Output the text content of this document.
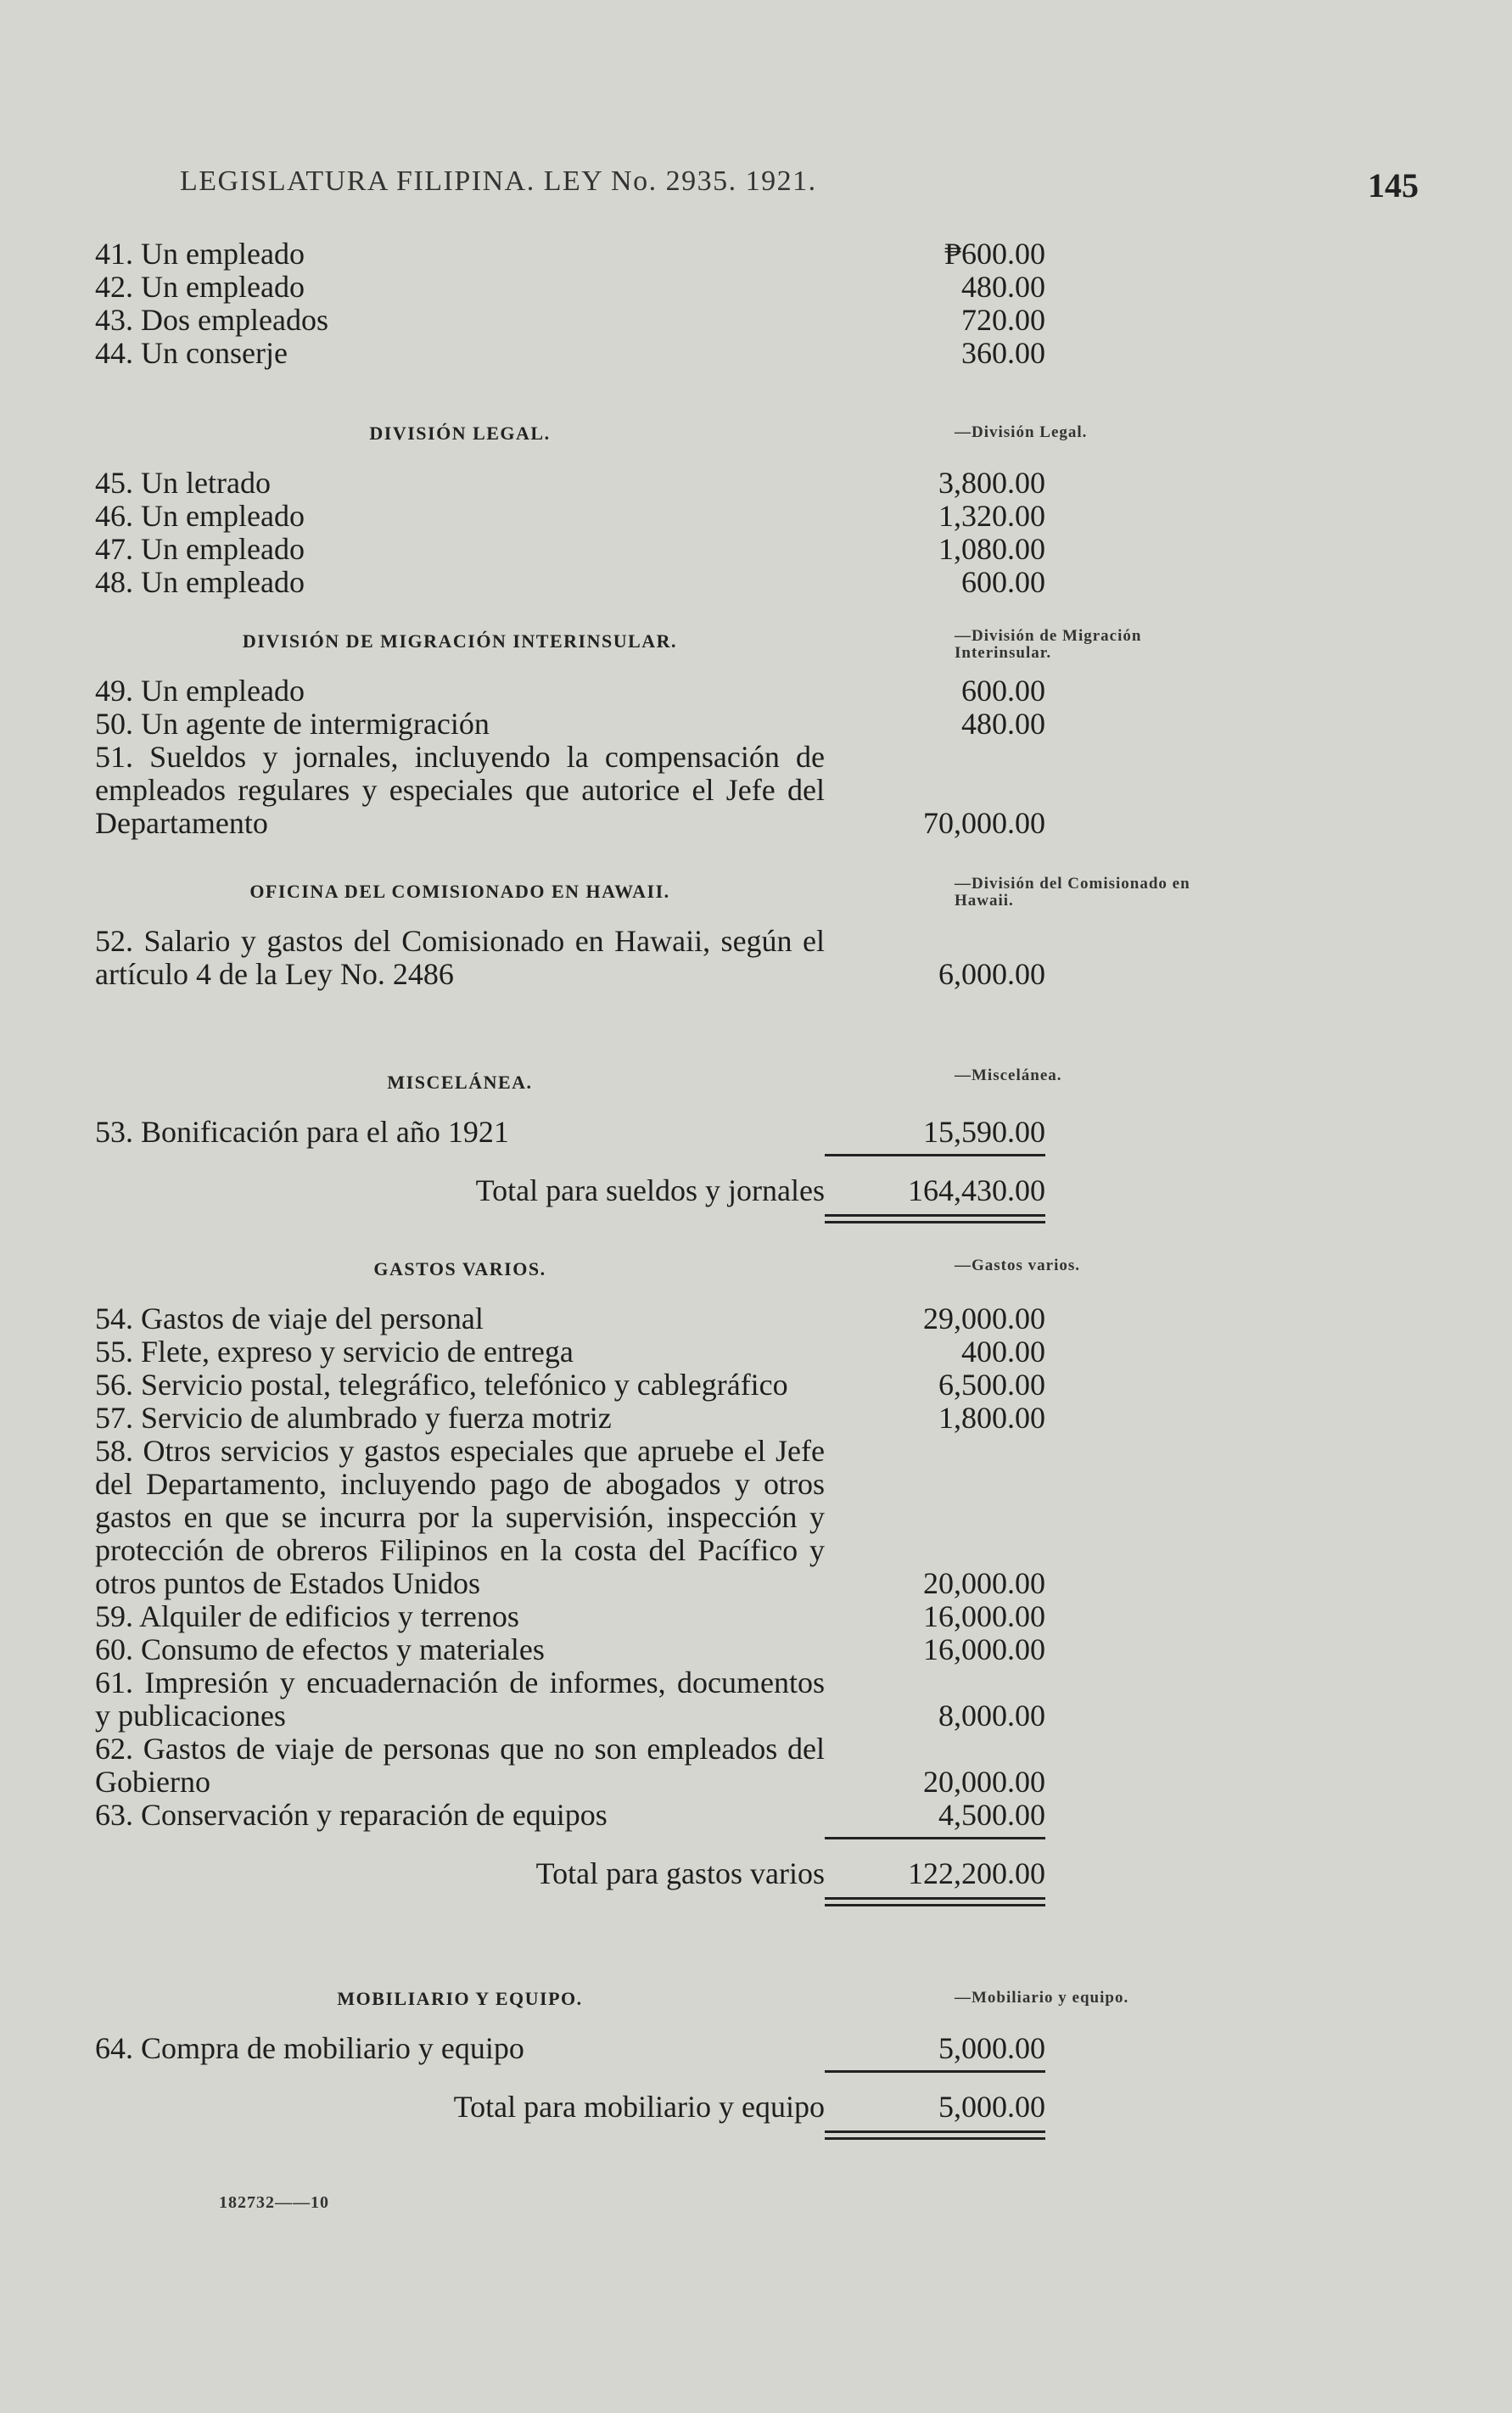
LEGISLATURA FILIPINA. LEY No. 2935. 1921.	145
41. Un empleado	₱600.00
42. Un empleado	480.00
43. Dos empleados	720.00
44. Un conserje	360.00
—División Legal.
DIVISIÓN LEGAL.
45. Un letrado	3,800.00
46. Un empleado	1,320.00
47. Un empleado	1,080.00
48. Un empleado	600.00
—División de Migración Interinsular.
DIVISIÓN DE MIGRACIÓN INTERINSULAR.
49. Un empleado	600.00
50. Un agente de intermigración	480.00
51. Sueldos y jornales, incluyendo la compensación de empleados regulares y especiales que autorice el Jefe del Departamento	70,000.00
—División del Comisionado en Hawaii.
OFICINA DEL COMISIONADO EN HAWAII.
52. Salario y gastos del Comisionado en Hawaii, según el artículo 4 de la Ley No. 2486	6,000.00
—Miscelánea.
MISCELÁNEA.
53. Bonificación para el año 1921	15,590.00
Total para sueldos y jornales	164,430.00
—Gastos varios.
GASTOS VARIOS.
54. Gastos de viaje del personal	29,000.00
55. Flete, expreso y servicio de entrega	400.00
56. Servicio postal, telegráfico, telefónico y cablegráfico	6,500.00
57. Servicio de alumbrado y fuerza motriz	1,800.00
58. Otros servicios y gastos especiales que apruebe el Jefe del Departamento, incluyendo pago de abogados y otros gastos en que se incurra por la supervisión, inspección y protección de obreros Filipinos en la costa del Pacífico y otros puntos de Estados Unidos	20,000.00
59. Alquiler de edificios y terrenos	16,000.00
60. Consumo de efectos y materiales	16,000.00
61. Impresión y encuadernación de informes, documentos y publicaciones	8,000.00
62. Gastos de viaje de personas que no son empleados del Gobierno	20,000.00
63. Conservación y reparación de equipos	4,500.00
Total para gastos varios	122,200.00
—Mobiliario y equipo.
MOBILIARIO Y EQUIPO.
64. Compra de mobiliario y equipo	5,000.00
Total para mobiliario y equipo	5,000.00
182732——10
